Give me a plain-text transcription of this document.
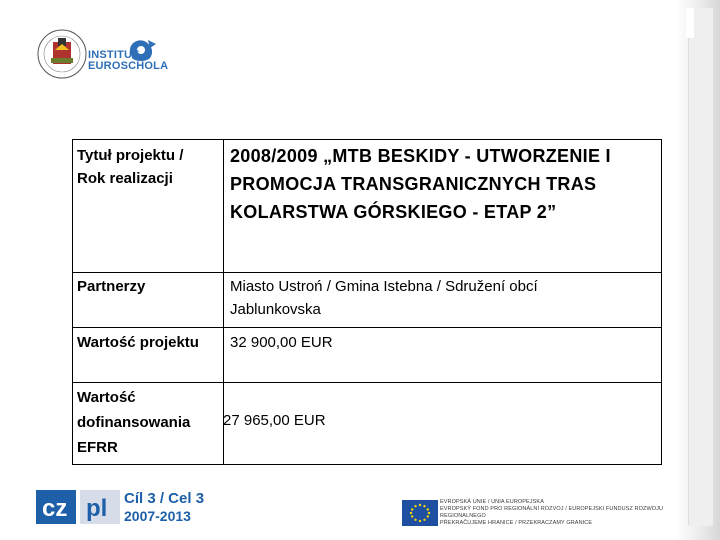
INSTITUT
EUROSCHOLA
Tytuł projektu /
Rok realizacji
2008/2009 „MTB BESKIDY - UTWORZENIE I
PROMOCJA TRANSGRANICZNYCH TRAS
KOLARSTWA GÓRSKIEGO - ETAP 2”
Partnerzy	Miasto Ustroń / Gmina Istebna / Sdružení obcí
Jablunkovska
Wartość projektu 32 900,00 EUR
Wartość
dofinansowania
EFRR
27 965,00 EUR
cz pl Cíl 3 / Cel 3
2007-2013
EVROPSKÁ UNIE / UNIA EUROPEJSKA
EVROPSKÝ FOND PRO REGIONÁLNÍ ROZVOJ / EUROPEJSKI FUNDUSZ ROZWOJU REGIONALNEGO
PŘEKRAČUJEME HRANICE / PRZEKRACZAMY GRANICE
